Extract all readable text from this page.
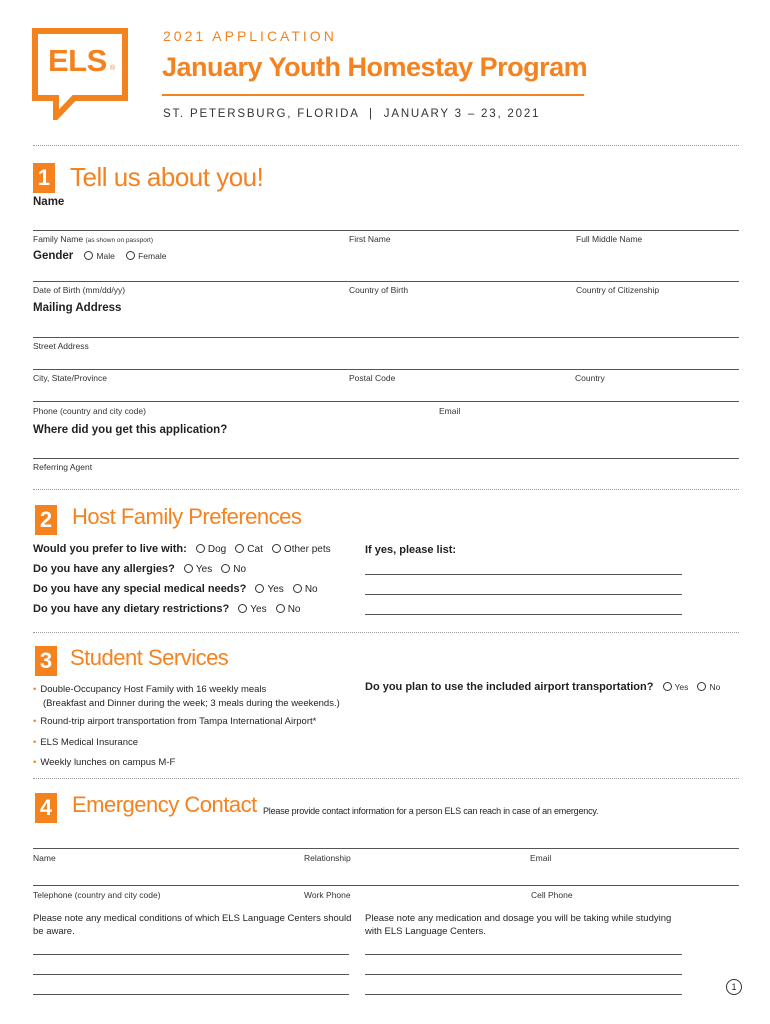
ELS ®
2021 APPLICATION
January Youth Homestay Program
ST. PETERSBURG, FLORIDA  |  JANUARY 3 – 23, 2021
1 Tell us about you!
Name
Family Name (as shown on passport)	First Name	Full Middle Name
Gender	Male	Female
Date of Birth (mm/dd/yy)	Country of Birth	Country of Citizenship
Mailing Address
Street Address
City, State/Province	Postal Code	Country
Phone (country and city code)	Email
Where did you get this application?
Referring Agent
2 Host Family Preferences
Would you prefer to live with: Dog Cat Other pets	If yes, please list:
Do you have any allergies? Yes No
Do you have any special medical needs? Yes No
Do you have any dietary restrictions? Yes No
3 Student Services
• Double-Occupancy Host Family with 16 weekly meals
(Breakfast and Dinner during the week; 3 meals during the weekends.)
• Round-trip airport transportation from Tampa International Airport*
• ELS Medical Insurance
• Weekly lunches on campus M-F
Do you plan to use the included airport transportation? Yes No
4 Emergency Contact Please provide contact information for a person ELS can reach in case of an emergency.
Name	Relationship	Email
Telephone (country and city code)	Work Phone	Cell Phone
Please note any medical conditions of which ELS Language Centers should be aware.
Please note any medication and dosage you will be taking while studying with ELS Language Centers.
1
